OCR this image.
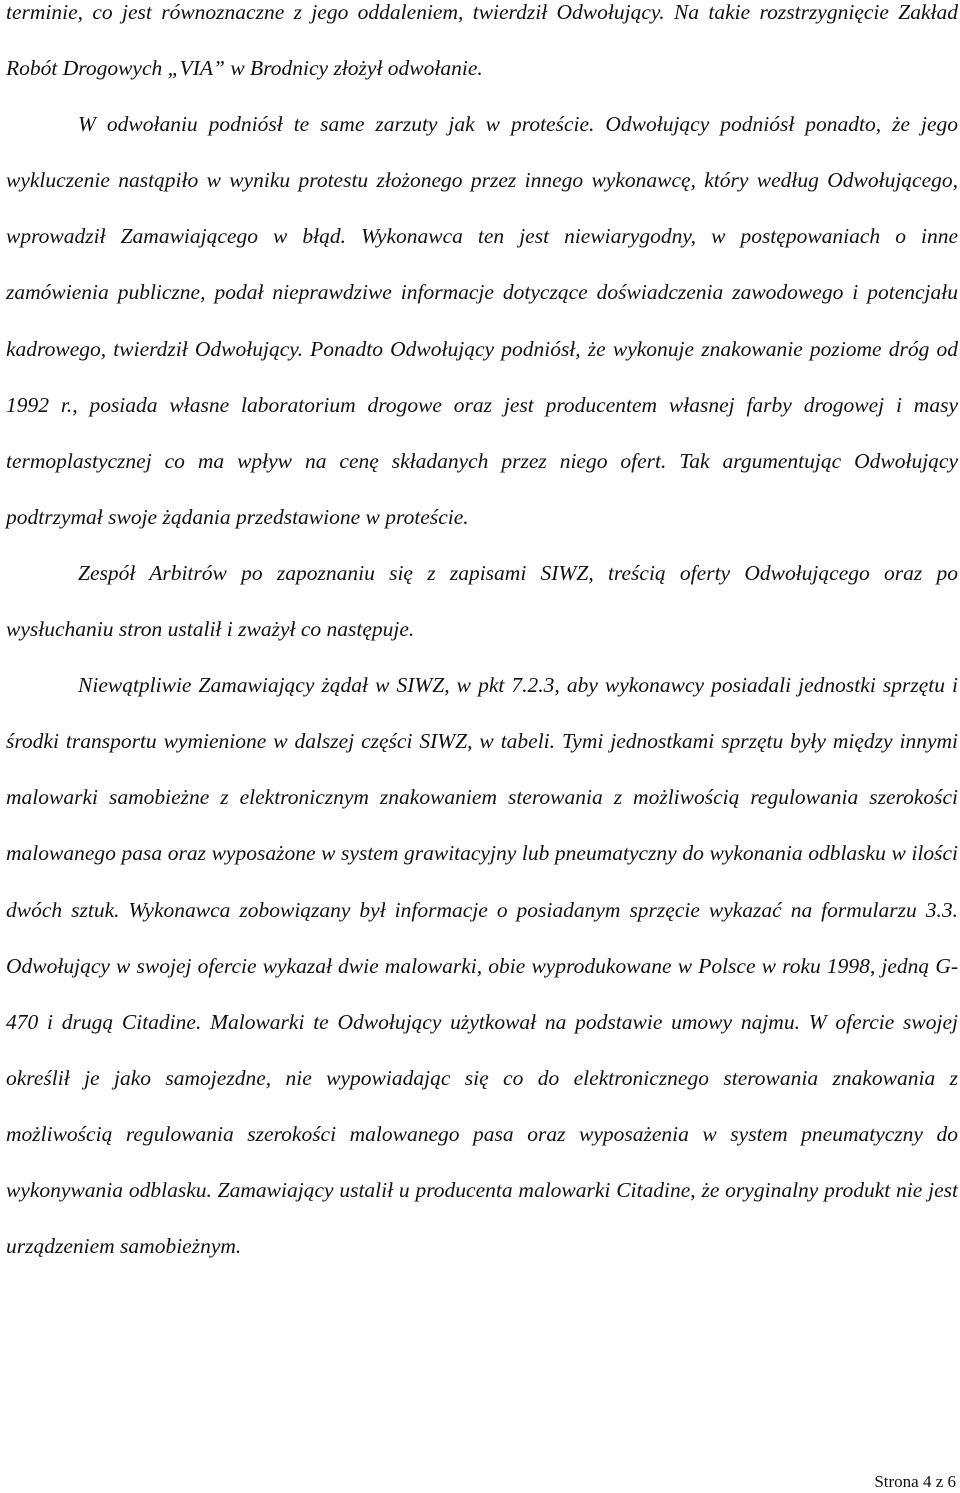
terminie, co jest równoznaczne z jego oddaleniem, twierdził Odwołujący. Na takie rozstrzygnięcie Zakład Robót Drogowych „VIA” w Brodnicy złożył odwołanie.

W odwołaniu podniósł te same zarzuty jak w proteście. Odwołujący podniósł ponadto, że jego wykluczenie nastąpiło w wyniku protestu złożonego przez innego wykonawcę, który według Odwołującego, wprowadził Zamawiającego w błąd. Wykonawca ten jest niewiarygodny, w postępowaniach o inne zamówienia publiczne, podał nieprawdziwe informacje dotyczące doświadczenia zawodowego i potencjału kadrowego, twierdził Odwołujący. Ponadto Odwołujący podniósł, że wykonuje znakowanie poziome dróg od 1992 r., posiada własne laboratorium drogowe oraz jest producentem własnej farby drogowej i masy termoplastycznej co ma wpływ na cenę składanych przez niego ofert. Tak argumentując Odwołujący podtrzymał swoje żądania przedstawione w proteście.

Zespół Arbitrów po zapoznaniu się z zapisami SIWZ, treścią oferty Odwołującego oraz po wysłuchaniu stron ustalił i zważył co następuje.

Niewątpliwie Zamawiający żądał w SIWZ, w pkt 7.2.3, aby wykonawcy posiadali jednostki sprzętu i środki transportu wymienione w dalszej części SIWZ, w tabeli. Tymi jednostkami sprzętu były między innymi malowarki samobieżne z elektronicznym znakowaniem sterowania z możliwością regulowania szerokości malowanego pasa oraz wyposażone w system grawitacyjny lub pneumatyczny do wykonania odblasku w ilości dwóch sztuk. Wykonawca zobowiązany był informacje o posiadanym sprzęcie wykazać na formularzu 3.3. Odwołujący w swojej ofercie wykazał dwie malowarki, obie wyprodukowane w Polsce w roku 1998, jedną G-470 i drugą Citadine. Malowarki te Odwołujący użytkował na podstawie umowy najmu. W ofercie swojej określił je jako samojezdne, nie wypowiadając się co do elektronicznego sterowania znakowania z możliwością regulowania szerokości malowanego pasa oraz wyposażenia w system pneumatyczny do wykonywania odblasku. Zamawiający ustalił u producenta malowarki Citadine, że oryginalny produkt nie jest urządzeniem samobieżnym.

Strona 4 z 6
